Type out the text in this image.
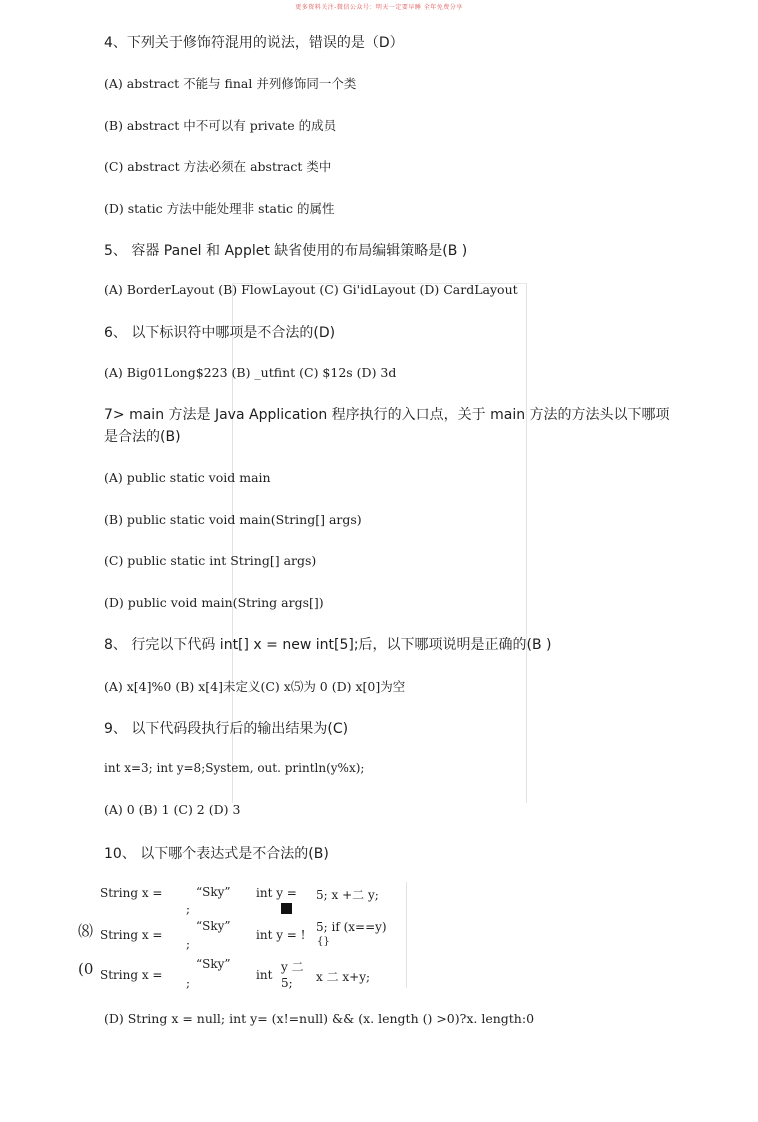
更多资料关注-微信公众号：明天一定要早睡 全年免费分享
4、下列关于修饰符混用的说法，错误的是（D）
(A) abstract 不能与 final 并列修饰同一个类
(B) abstract 中不可以有 private 的成员
(C) abstract 方法必须在 abstract 类中
(D) static 方法中能处理非 static 的属性
5、 容器 Panel 和 Applet 缺省使用的布局编辑策略是(B )
(A) BorderLayout (B) FlowLayout (C) Gi'idLayout (D) CardLayout
6、 以下标识符中哪项是不合法的(D)
(A) Big01Long$223 (B) _utfint (C) $12s (D) 3d
7> main 方法是 Java Application 程序执行的入口点，关于 main 方法的方法头以下哪项 是合法的(B)
(A) public static void main
(B) public static void main(String[] args)
(C) public static int String[] args)
(D) public void main(String args[])
8、 行完以下代码 int[] x = new int[5];后，以下哪项说明是正确的(B )
(A) x[4]%0 (B) x[4]未定义(C) x⑸为 0 (D) x[0]为空
9、 以下代码段执行后的输出结果为(C)
int x=3; int y=8;System, out. println(y%x);
(A) 0 (B) 1 (C) 2 (D) 3
10、 以下哪个表达式是不合法的(B)
String x =	“Sky”
;
int y = 5; x +二 y;
⑻ String x =
“Sky”
;
int y = !
5; if (x==y)
{}
(0 String x =
“Sky”
;
int
y 二
5; x 二 x+y;
(D) String x = null; int y= (x!=null) && (x. length () >0)?x. length:0
